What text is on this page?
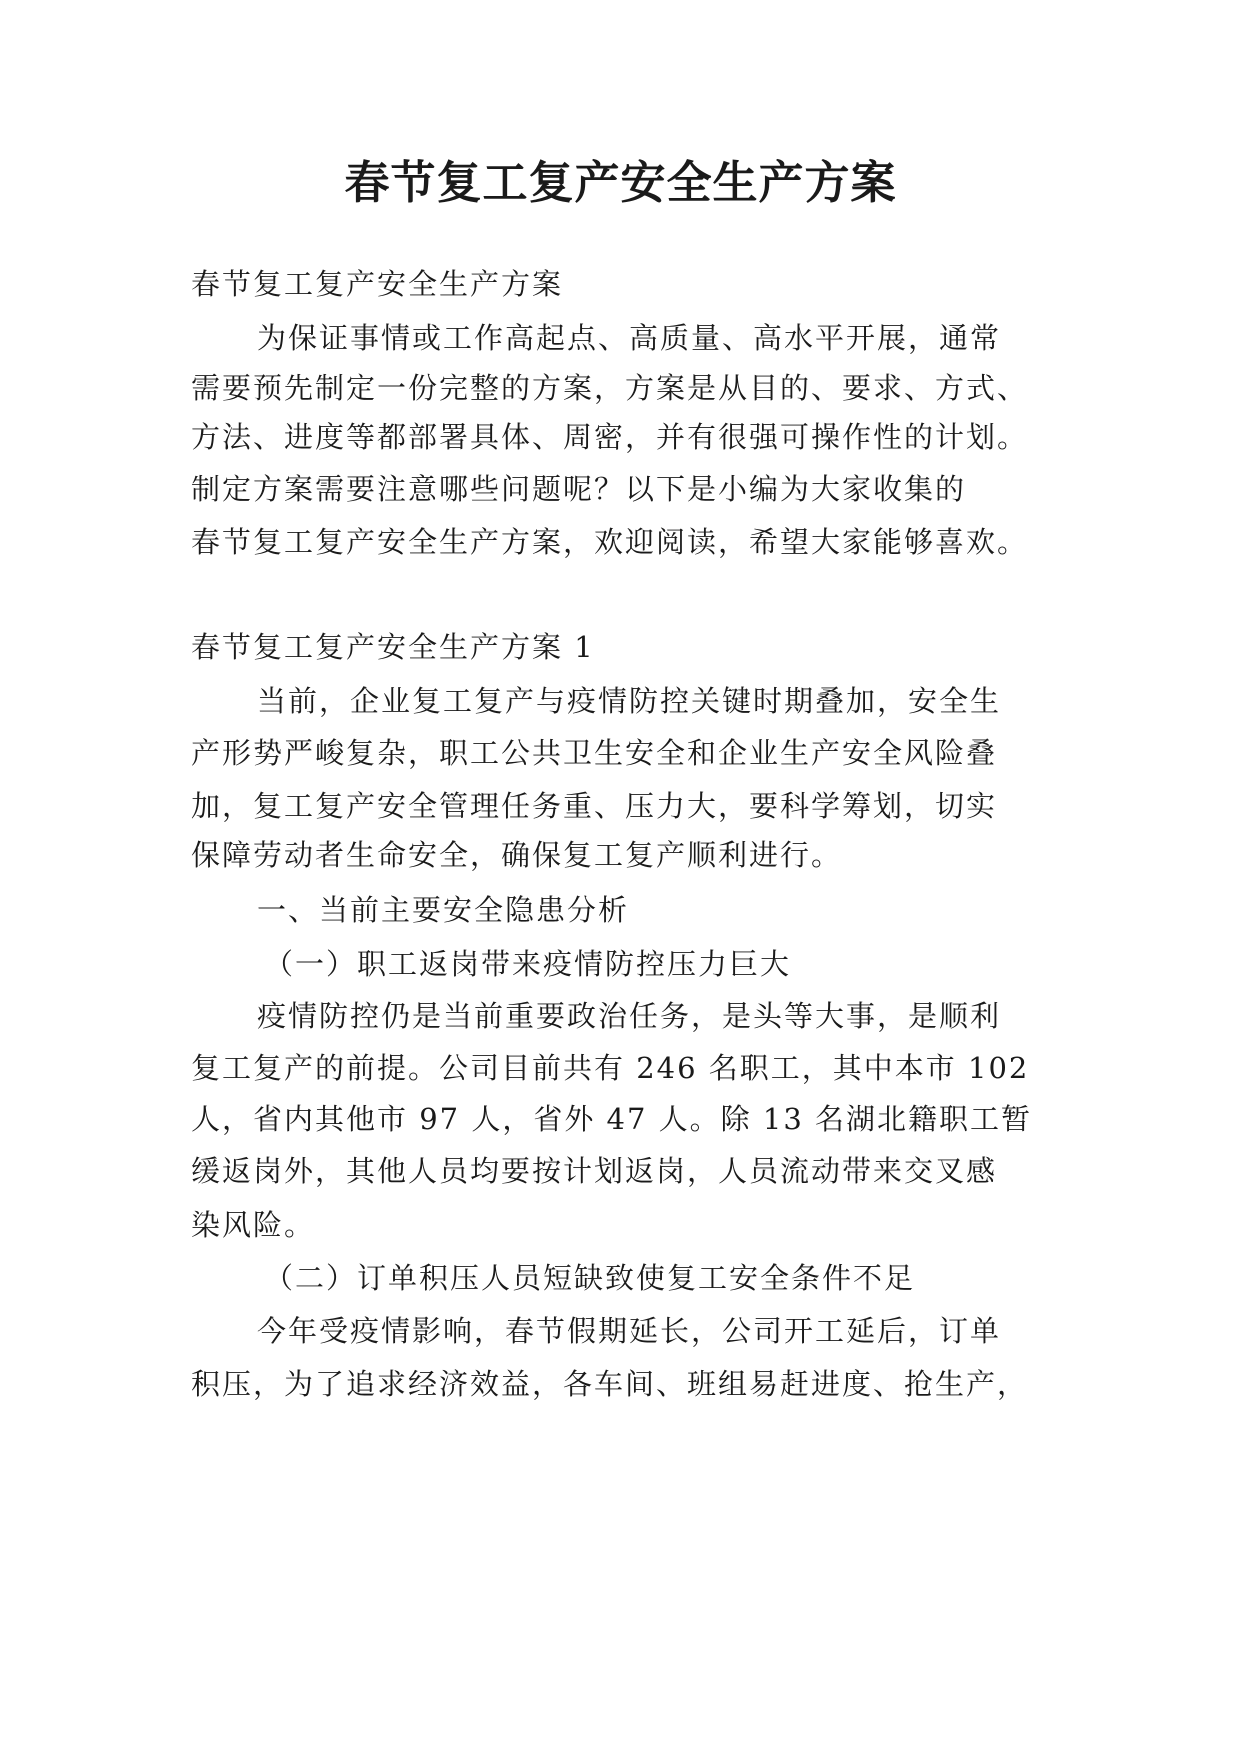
春节复工复产安全生产方案
春节复工复产安全生产方案
为保证事情或工作高起点、高质量、高水平开展，通常
需要预先制定一份完整的方案，方案是从目的、要求、方式、
方法、进度等都部署具体、周密，并有很强可操作性的计划。
制定方案需要注意哪些问题呢？以下是小编为大家收集的
春节复工复产安全生产方案，欢迎阅读，希望大家能够喜欢。
春节复工复产安全生产方案 1
当前，企业复工复产与疫情防控关键时期叠加，安全生
产形势严峻复杂，职工公共卫生安全和企业生产安全风险叠
加，复工复产安全管理任务重、压力大，要科学筹划，切实
保障劳动者生命安全，确保复工复产顺利进行。
一、当前主要安全隐患分析
（一）职工返岗带来疫情防控压力巨大
疫情防控仍是当前重要政治任务，是头等大事，是顺利
复工复产的前提。公司目前共有 246 名职工，其中本市 102
人，省内其他市 97 人，省外 47 人。除 13 名湖北籍职工暂
缓返岗外，其他人员均要按计划返岗，人员流动带来交叉感
染风险。
（二）订单积压人员短缺致使复工安全条件不足
今年受疫情影响，春节假期延长，公司开工延后，订单
积压，为了追求经济效益，各车间、班组易赶进度、抢生产，
